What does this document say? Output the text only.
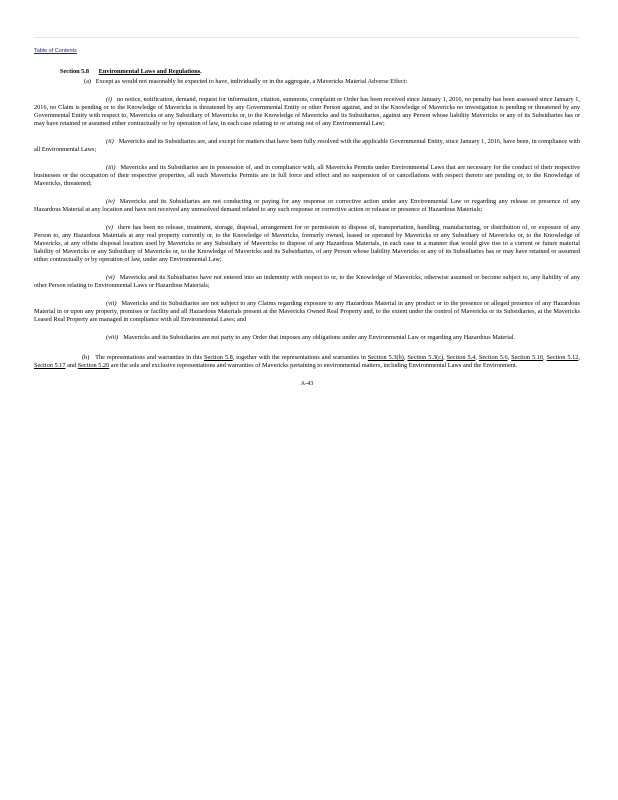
Table of Contents

Section 5.8 Environmental Laws and Regulations.

(a) Except as would not reasonably be expected to have, individually or in the aggregate, a Mavericks Material Adverse Effect:

(i) no notice, notification, demand, request for information, citation, summons, complaint or Order has been received since January 1, 2016, no penalty has been assessed since January 1, 2016, no Claim is pending or to the Knowledge of Mavericks is threatened by any Governmental Entity or other Person against, and to the Knowledge of Mavericks no investigation is pending or threatened by any Governmental Entity with respect to, Mavericks or any Subsidiary of Mavericks or, to the Knowledge of Mavericks and its Subsidiaries, against any Person whose liability Mavericks or any of its Subsidiaries has or may have retained or assumed either contractually or by operation of law, in each case relating to or arising out of any Environmental Law;

(ii) Mavericks and its Subsidiaries are, and except for matters that have been fully resolved with the applicable Governmental Entity, since January 1, 2016, have been, in compliance with all Environmental Laws;

(iii) Mavericks and its Subsidiaries are in possession of, and in compliance with, all Mavericks Permits under Environmental Laws that are necessary for the conduct of their respective businesses or the occupation of their respective properties, all such Mavericks Permits are in full force and effect and no suspension of or cancellations with respect thereto are pending or, to the Knowledge of Mavericks, threatened;

(iv) Mavericks and its Subsidiaries are not conducting or paying for any response or corrective action under any Environmental Law or regarding any release or presence of any Hazardous Material at any location and have not received any unresolved demand related to any such response or corrective action or release or presence of Hazardous Materials;

(v) there has been no release, treatment, storage, disposal, arrangement for or permission to dispose of, transportation, handling, manufacturing, or distribution of, or exposure of any Person to, any Hazardous Materials at any real property currently or, to the Knowledge of Mavericks, formerly owned, leased or operated by Mavericks or any Subsidiary of Mavericks or, to the Knowledge of Mavericks, at any offsite disposal location used by Mavericks or any Subsidiary of Mavericks to dispose of any Hazardous Materials, in each case in a manner that would give rise to a current or future material liability of Mavericks or any Subsidiary of Mavericks or, to the Knowledge of Mavericks and its Subsidiaries, of any Person whose liability Mavericks or any of its Subsidiaries has or may have retained or assumed either contractually or by operation of law, under any Environmental Law;

(vi) Mavericks and its Subsidiaries have not entered into an indemnity with respect to or, to the Knowledge of Mavericks, otherwise assumed or become subject to, any liability of any other Person relating to Environmental Laws or Hazardous Materials;

(vii) Mavericks and its Subsidiaries are not subject to any Claims regarding exposure to any Hazardous Material in any product or to the presence or alleged presence of any Hazardous Material in or upon any property, premises or facility and all Hazardous Materials present at the Mavericks Owned Real Property and, to the extent under the control of Mavericks or its Subsidiaries, at the Mavericks Leased Real Property are managed in compliance with all Environmental Laws; and

(viii) Mavericks and its Subsidiaries are not party to any Order that imposes any obligations under any Environmental Law or regarding any Hazardous Material.

(b) The representations and warranties in this Section 5.8, together with the representations and warranties in Section 5.3(b), Section 5.3(c), Section 5.4, Section 5.6, Section 5.10, Section 5.12, Section 5.17 and Section 5.20 are the sole and exclusive representations and warranties of Mavericks pertaining to environmental matters, including Environmental Laws and the Environment.

A-43
